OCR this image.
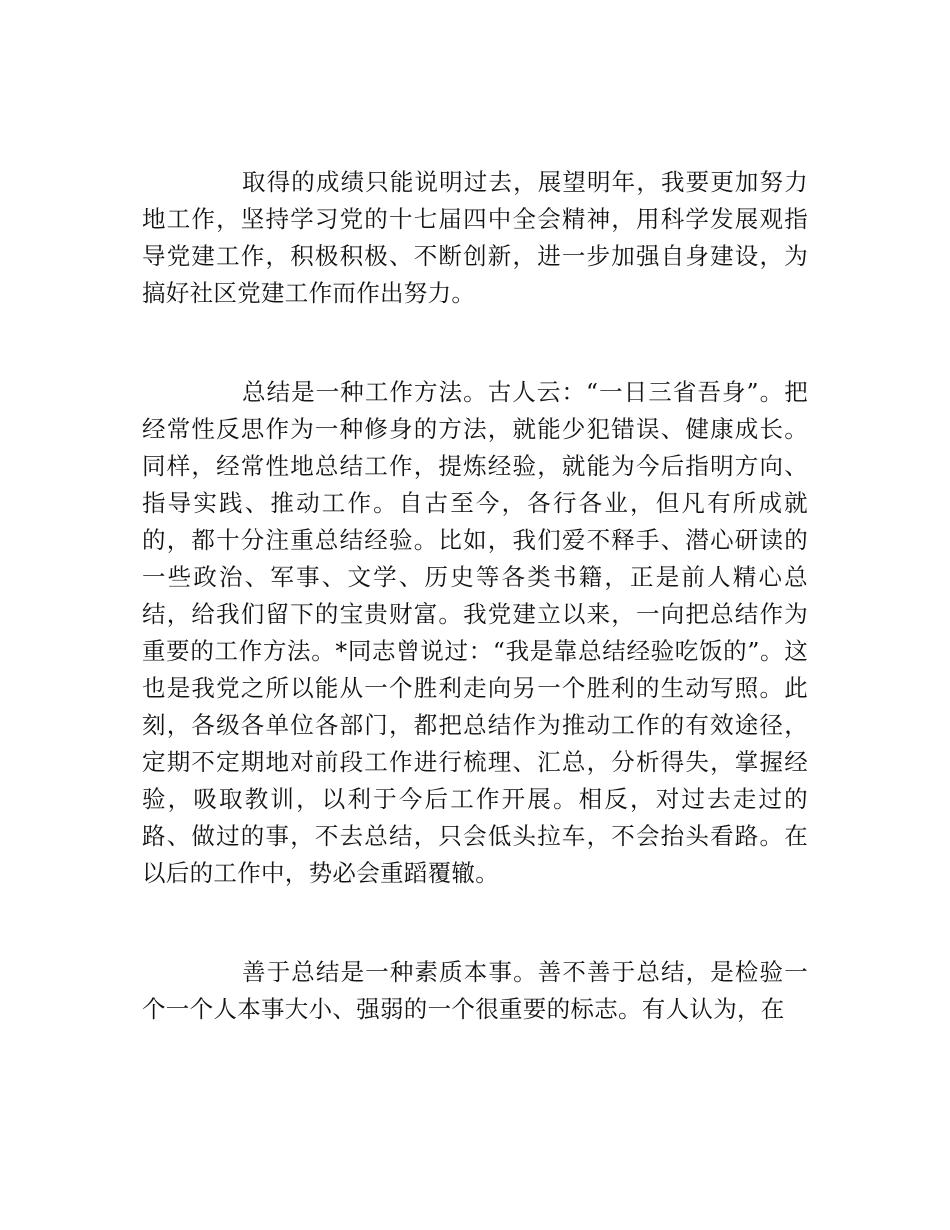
取得的成绩只能说明过去，展望明年，我要更加努力地工作，坚持学习党的十七届四中全会精神，用科学发展观指导党建工作，积极积极、不断创新，进一步加强自身建设，为搞好社区党建工作而作出努力。

总结是一种工作方法。古人云：“一日三省吾身”。把经常性反思作为一种修身的方法，就能少犯错误、健康成长。同样，经常性地总结工作，提炼经验，就能为今后指明方向、指导实践、推动工作。自古至今，各行各业，但凡有所成就的，都十分注重总结经验。比如，我们爱不释手、潜心研读的一些政治、军事、文学、历史等各类书籍，正是前人精心总结，给我们留下的宝贵财富。我党建立以来，一向把总结作为重要的工作方法。*同志曾说过：“我是靠总结经验吃饭的”。这也是我党之所以能从一个胜利走向另一个胜利的生动写照。此刻，各级各单位各部门，都把总结作为推动工作的有效途径，定期不定期地对前段工作进行梳理、汇总，分析得失，掌握经验，吸取教训，以利于今后工作开展。相反，对过去走过的路、做过的事，不去总结，只会低头拉车，不会抬头看路。在以后的工作中，势必会重蹈覆辙。

善于总结是一种素质本事。善不善于总结，是检验一个一个人本事大小、强弱的一个很重要的标志。有人认为，在
